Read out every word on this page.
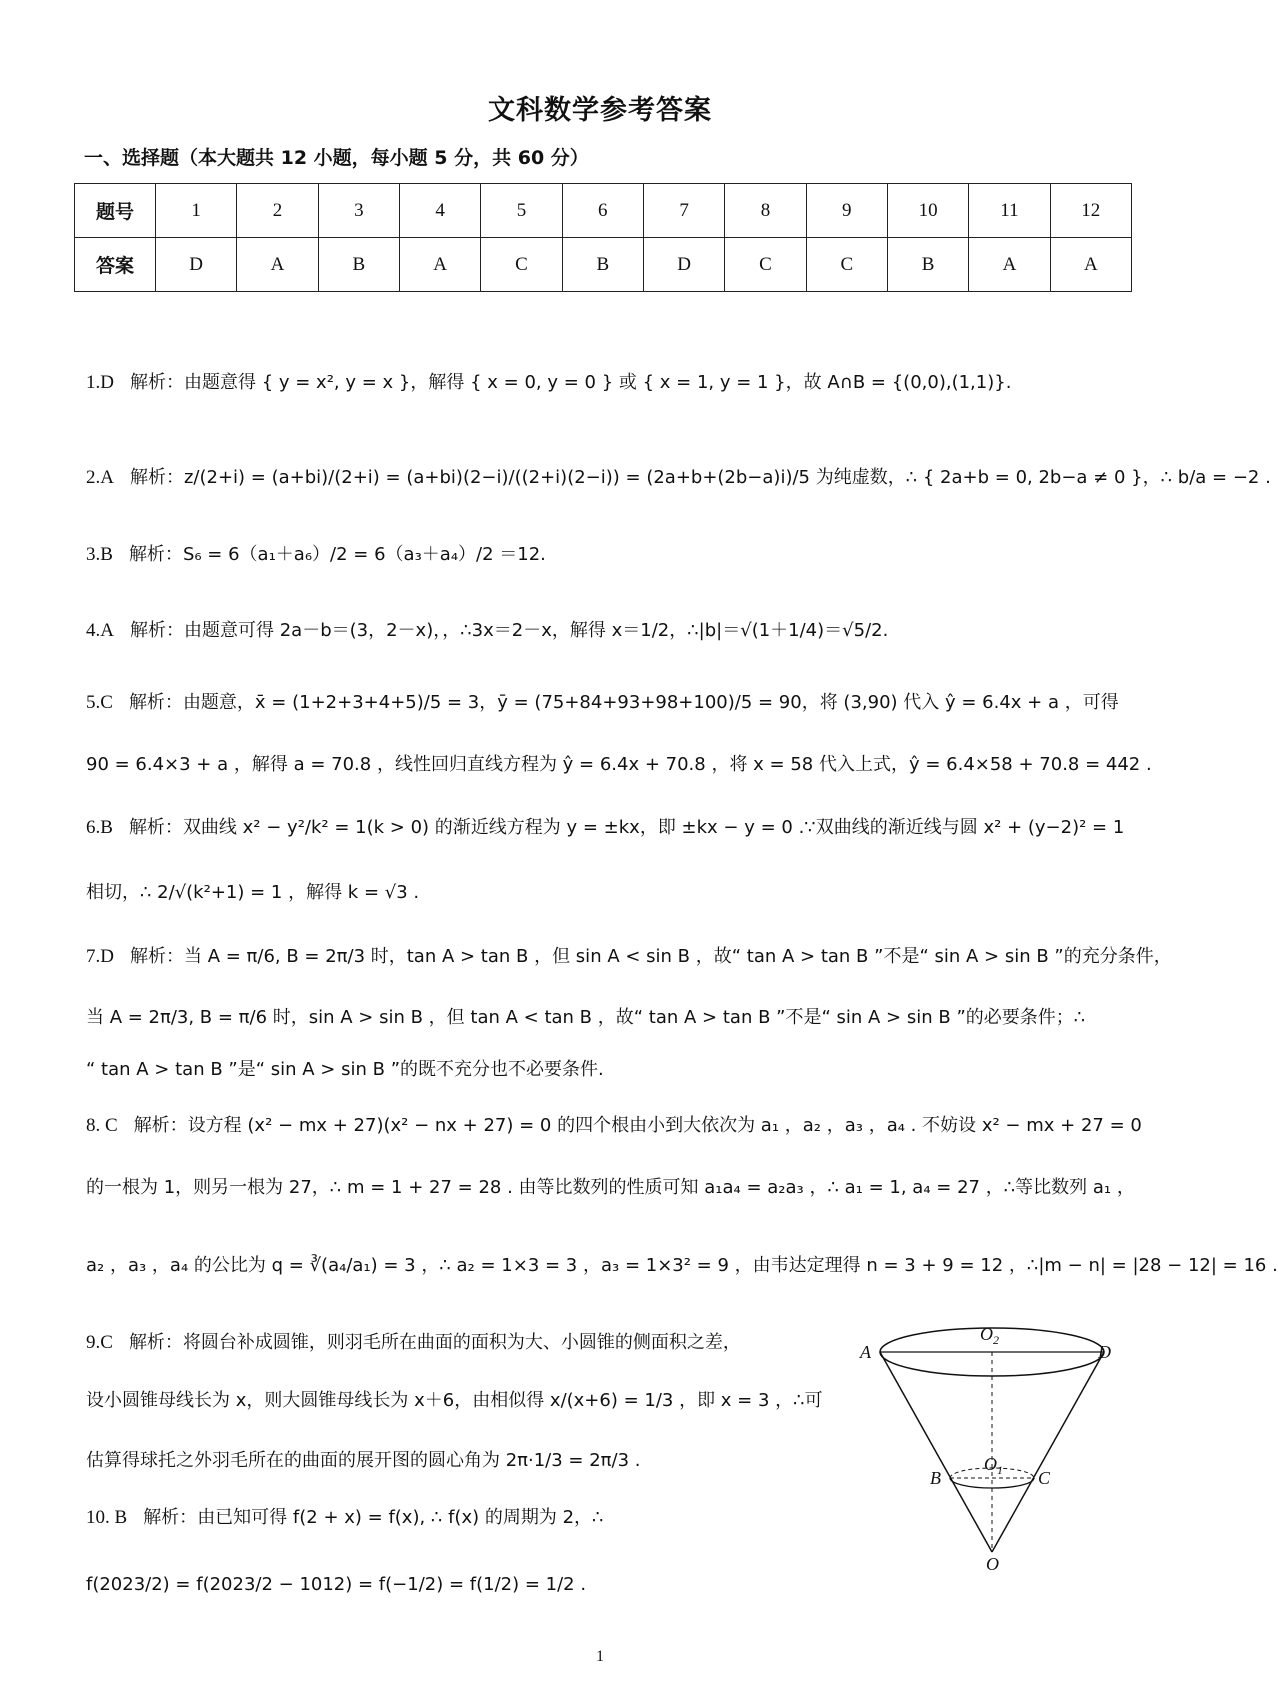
文科数学参考答案
一、选择题（本大题共 12 小题，每小题 5 分，共 60 分）
题号	1	2	3	4	5	6	7	8	9	10	11	12
答案	D	A	B	A	C	B	D	C	C	B	A	A
1.D 解析：由题意得 { y = x², y = x }，解得 { x = 0, y = 0 } 或 { x = 1, y = 1 }，故 A∩B = {(0,0),(1,1)}.
2.A 解析：z/(2+i) = (a+bi)/(2+i) = (a+bi)(2−i)/((2+i)(2−i)) = (2a+b+(2b−a)i)/5 为纯虚数，∴ { 2a+b = 0, 2b−a ≠ 0 }，∴ b/a = −2 .
3.B 解析：S₆ = 6（a₁＋a₆）/2 = 6（a₃＋a₄）/2 ＝12.
4.A 解析：由题意可得 2a－b＝(3，2－x)，，∴3x＝2－x，解得 x＝1/2，∴|b|＝√(1＋1/4)＝√5/2.
5.C 解析：由题意，x̄ = (1+2+3+4+5)/5 = 3，ȳ = (75+84+93+98+100)/5 = 90，将 (3,90) 代入 ŷ = 6.4x + a ，可得
90 = 6.4×3 + a ，解得 a = 70.8 ，线性回归直线方程为 ŷ = 6.4x + 70.8 ，将 x = 58 代入上式，ŷ = 6.4×58 + 70.8 = 442 .
6.B 解析：双曲线 x² − y²/k² = 1(k > 0) 的渐近线方程为 y = ±kx，即 ±kx − y = 0 .∵双曲线的渐近线与圆 x² + (y−2)² = 1
相切，∴ 2/√(k²+1) = 1 ，解得 k = √3 .
7.D 解析：当 A = π/6, B = 2π/3 时，tan A > tan B ，但 sin A < sin B ，故“ tan A > tan B ”不是“ sin A > sin B ”的充分条件，
当 A = 2π/3, B = π/6 时，sin A > sin B ，但 tan A < tan B ，故“ tan A > tan B ”不是“ sin A > sin B ”的必要条件；∴
“ tan A > tan B ”是“ sin A > sin B ”的既不充分也不必要条件.
8. C 解析：设方程 (x² − mx + 27)(x² − nx + 27) = 0 的四个根由小到大依次为 a₁ ，a₂ ，a₃ ，a₄ . 不妨设 x² − mx + 27 = 0
的一根为 1，则另一根为 27，∴ m = 1 + 27 = 28 . 由等比数列的性质可知 a₁a₄ = a₂a₃ ，∴ a₁ = 1, a₄ = 27 ，∴等比数列 a₁ ，
a₂ ，a₃ ，a₄ 的公比为 q = ∛(a₄/a₁) = 3 ，∴ a₂ = 1×3 = 3 ，a₃ = 1×3² = 9 ，由韦达定理得 n = 3 + 9 = 12 ，∴|m − n| = |28 − 12| = 16 .
9.C 解析：将圆台补成圆锥，则羽毛所在曲面的面积为大、小圆锥的侧面积之差，
设小圆锥母线长为 x，则大圆锥母线长为 x＋6，由相似得 x/(x+6) = 1/3 ，即 x = 3 ，∴可
估算得球托之外羽毛所在的曲面的展开图的圆心角为 2π·1/3 = 2π/3 .
10. B 解析：由已知可得 f(2 + x) = f(x), ∴ f(x) 的周期为 2，∴
f(2023/2) = f(2023/2 − 1012) = f(−1/2) = f(1/2) = 1/2 .
$O_2$
A	D
$O_1$
B	C
O
1
